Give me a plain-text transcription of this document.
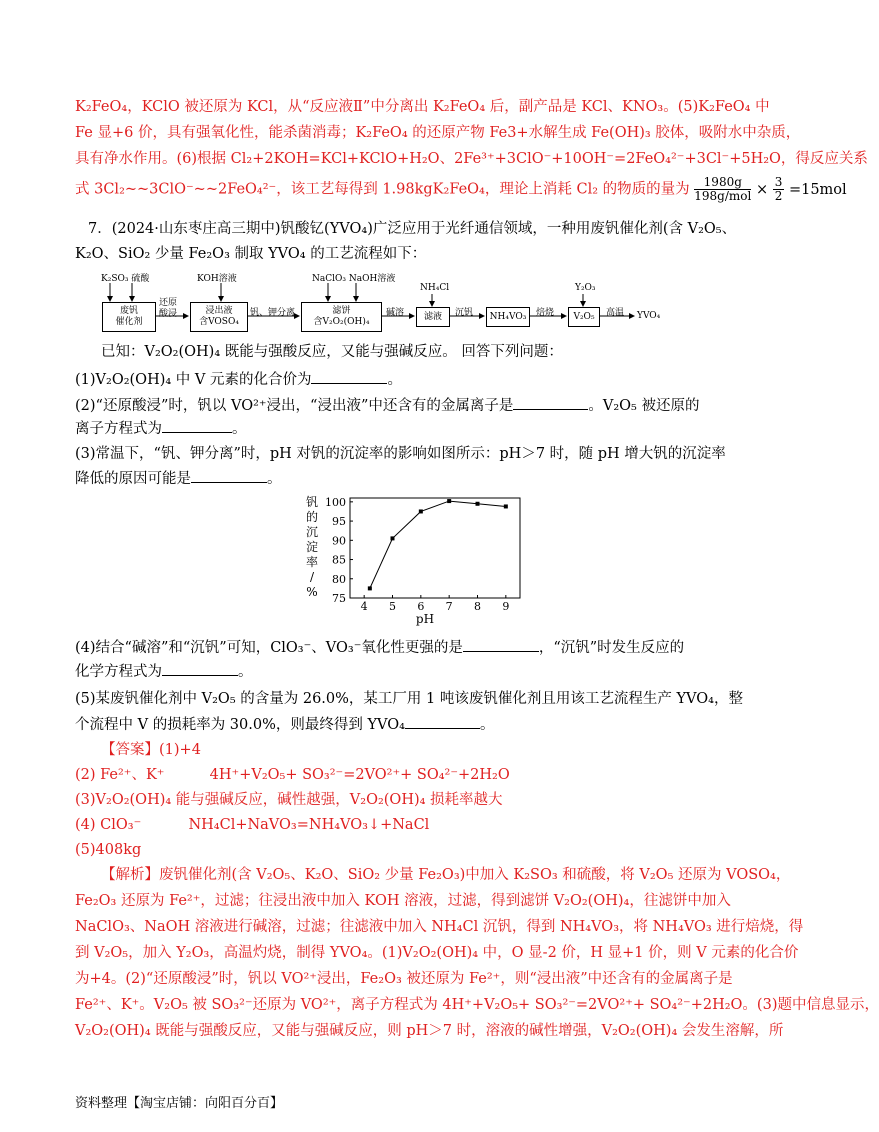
K₂FeO₄，KClO 被还原为 KCl，从“反应液Ⅱ”中分离出 K₂FeO₄ 后，副产品是 KCl、KNO₃。(5)K₂FeO₄ 中
Fe 显+6 价，具有强氧化性，能杀菌消毒；K₂FeO₄ 的还原产物 Fe3+水解生成 Fe(OH)₃ 胶体，吸附水中杂质，
具有净水作用。(6)根据 Cl₂+2KOH=KCl+KClO+H₂O、2Fe³⁺+3ClO⁻+10OH⁻=2FeO₄²⁻+3Cl⁻+5H₂O，得反应关系
式 3Cl₂~~3ClO⁻~~2FeO₄²⁻，该工艺每得到 1.98kgK₂FeO₄，理论上消耗 Cl₂ 的物质的量为 $\frac{1980g}{\text{198g/mol}} \times \frac{3}{2} =15mol$
7．(2024·山东枣庄高三期中)钒酸钇(YVO₄)广泛应用于光纤通信领域，一种用废钒催化剂(含 V₂O₅、
K₂O、SiO₂ 少量 Fe₂O₃ 制取 YVO₄ 的工艺流程如下：
K₂SO₃ 硫酸	KOH溶液	NaClO₃ NaOH溶液
NH₄Cl	Y₂O₃
废钒
催化剂
还原
酸浸	浸出液
含VOSO₄
钒、钾分离	滤饼
含V₂O₂(OH)₄
碱溶	滤液	沉钒	NH₄VO₃	焙烧	V₂O₅	高温 YVO₄
已知：V₂O₂(OH)₄ 既能与强酸反应，又能与强碱反应。 回答下列问题：
(1)V₂O₂(OH)₄ 中 V 元素的化合价为	。
(2)“还原酸浸”时，钒以 VO²⁺浸出，“浸出液”中还含有的金属离子是	。V₂O₅ 被还原的
离子方程式为	。
(3)常温下，“钒、钾分离”时，pH 对钒的沉淀率的影响如图所示：pH＞7 时，随 pH 增大钒的沉淀率
降低的原因可能是	。
4 5 6 7 8 9
75
80
85
90
95
100
pH
钒
的
沉
淀
率
/
%
(4)结合“碱溶”和“沉钒”可知，ClO₃⁻、VO₃⁻氧化性更强的是	，“沉钒”时发生反应的
化学方程式为	。
(5)某废钒催化剂中 V₂O₅ 的含量为 26.0%，某工厂用 1 吨该废钒催化剂且用该工艺流程生产 YVO₄，整
个流程中 V 的损耗率为 30.0%，则最终得到 YVO₄	。
【答案】(1)+4
(2) Fe²⁺、K⁺	4H⁺+V₂O₅+ SO₃²⁻=2VO²⁺+ SO₄²⁻+2H₂O
(3)V₂O₂(OH)₄ 能与强碱反应，碱性越强，V₂O₂(OH)₄ 损耗率越大
(4) ClO₃⁻	NH₄Cl+NaVO₃=NH₄VO₃↓+NaCl
(5)408kg
【解析】废钒催化剂(含 V₂O₅、K₂O、SiO₂ 少量 Fe₂O₃)中加入 K₂SO₃ 和硫酸，将 V₂O₅ 还原为 VOSO₄，
Fe₂O₃ 还原为 Fe²⁺，过滤；往浸出液中加入 KOH 溶液，过滤，得到滤饼 V₂O₂(OH)₄，往滤饼中加入
NaClO₃、NaOH 溶液进行碱溶，过滤；往滤液中加入 NH₄Cl 沉钒，得到 NH₄VO₃，将 NH₄VO₃ 进行焙烧，得
到 V₂O₅，加入 Y₂O₃，高温灼烧，制得 YVO₄。(1)V₂O₂(OH)₄ 中，O 显-2 价，H 显+1 价，则 V 元素的化合价
为+4。(2)“还原酸浸”时，钒以 VO²⁺浸出，Fe₂O₃ 被还原为 Fe²⁺，则“浸出液”中还含有的金属离子是
Fe²⁺、K⁺。V₂O₅ 被 SO₃²⁻还原为 VO²⁺，离子方程式为 4H⁺+V₂O₅+ SO₃²⁻=2VO²⁺+ SO₄²⁻+2H₂O。(3)题中信息显示，
V₂O₂(OH)₄ 既能与强酸反应，又能与强碱反应，则 pH＞7 时，溶液的碱性增强，V₂O₂(OH)₄ 会发生溶解，所
资料整理【淘宝店铺：向阳百分百】
